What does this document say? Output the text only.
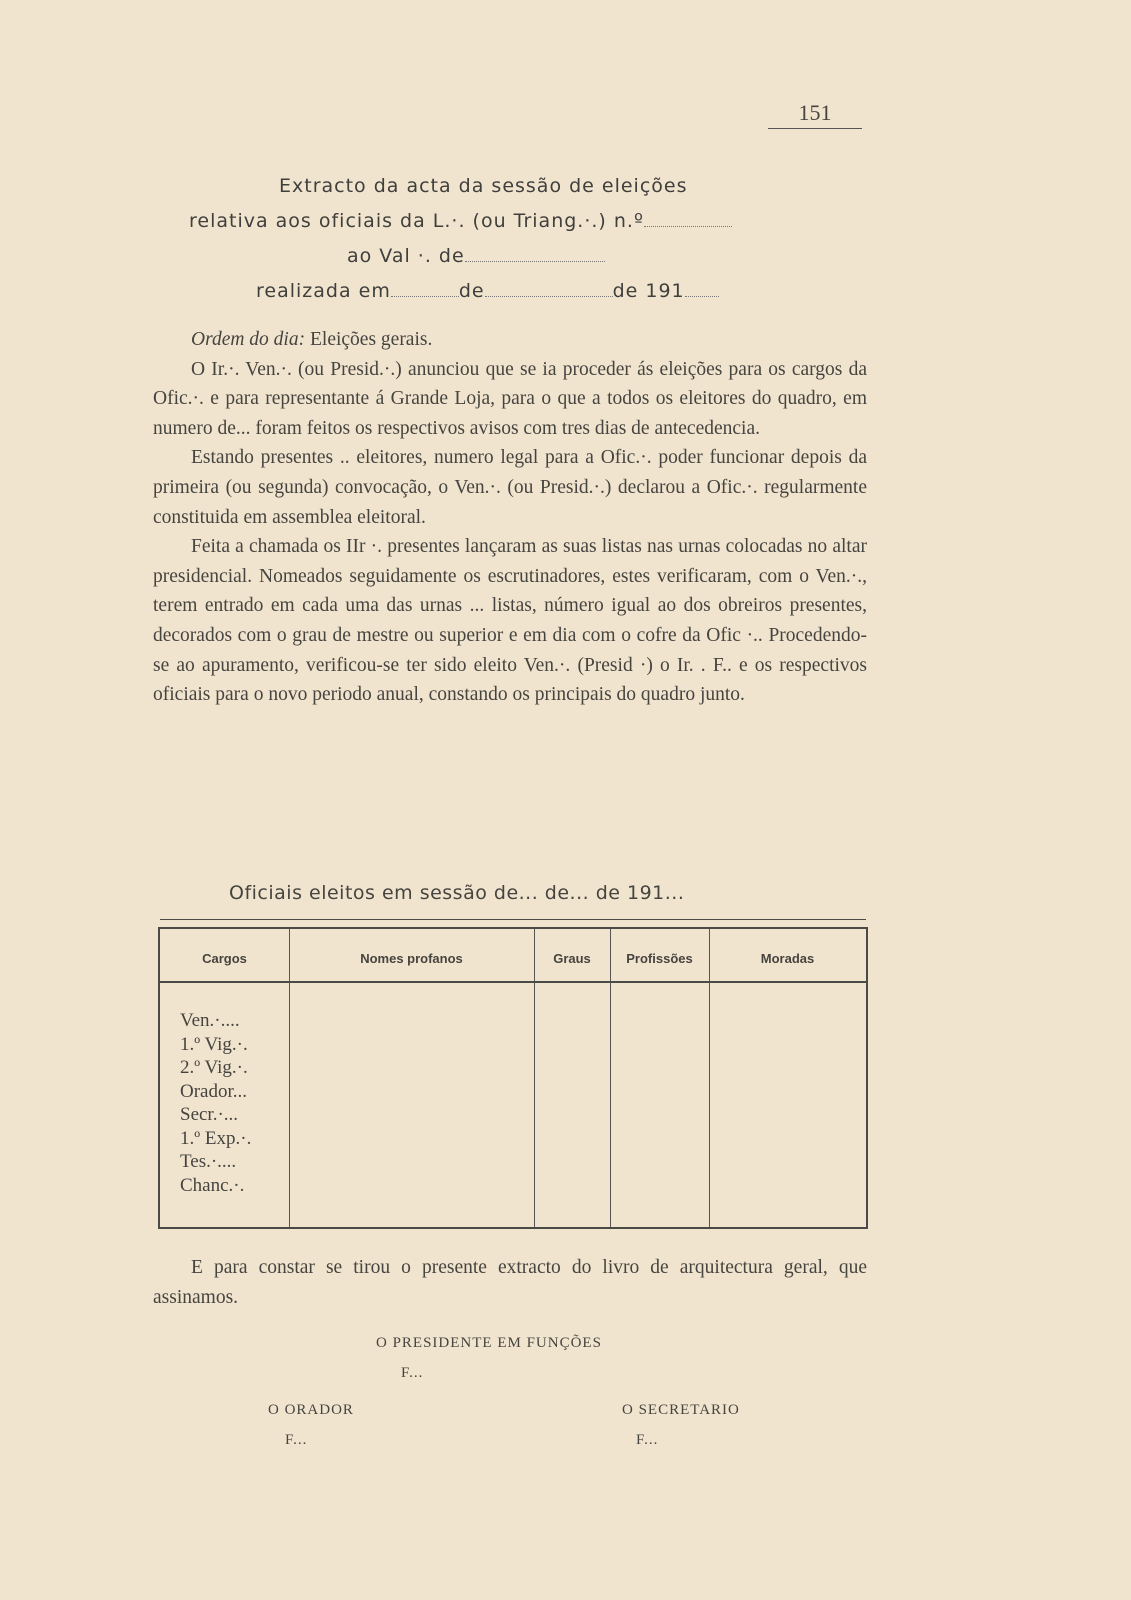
151
Extracto da acta da sessão de eleições
relativa aos oficiais da L.·. (ou Triang.·.) n.º
ao Val ·. de
realizada em	de	de 191

Ordem do dia: Eleições gerais.

O Ir.·. Ven.·. (ou Presid.·.) anunciou que se ia proceder ás eleições para os cargos da Ofic.·. e para representante á Grande Loja, para o que a todos os eleitores do quadro, em numero de... foram feitos os respectivos avisos com tres dias de antecedencia.

Estando presentes .. eleitores, numero legal para a Ofic.·. poder funcionar depois da primeira (ou segunda) convocação, o Ven.·. (ou Presid.·.) declarou a Ofic.·. regularmente constituida em assemblea eleitoral.

Feita a chamada os IIr ·. presentes lançaram as suas listas nas urnas colocadas no altar presidencial. Nomeados seguidamente os escrutinadores, estes verificaram, com o Ven.·., terem entrado em cada uma das urnas ... listas, número igual ao dos obreiros presentes, decorados com o grau de mestre ou superior e em dia com o cofre da Ofic ·.. Procedendo-se ao apuramento, verificou-se ter sido eleito Ven.·. (Presid ·) o Ir. . F.. e os respectivos oficiais para o novo periodo anual, constando os principais do quadro junto.

Oficiais eleitos em sessão de... de... de 191...
Cargos	Nomes profanos	Graus	Profissões	Moradas
Ven.·....
1.º Vig.·.
2.º Vig.·.
Orador...
Secr.·...
1.º Exp.·.
Tes.·....
Chanc.·.

E para constar se tirou o presente extracto do livro de arquitectura geral, que assinamos.

O PRESIDENTE EM FUNÇÕES
F...
O ORADOR
F...
O SECRETARIO
F...
